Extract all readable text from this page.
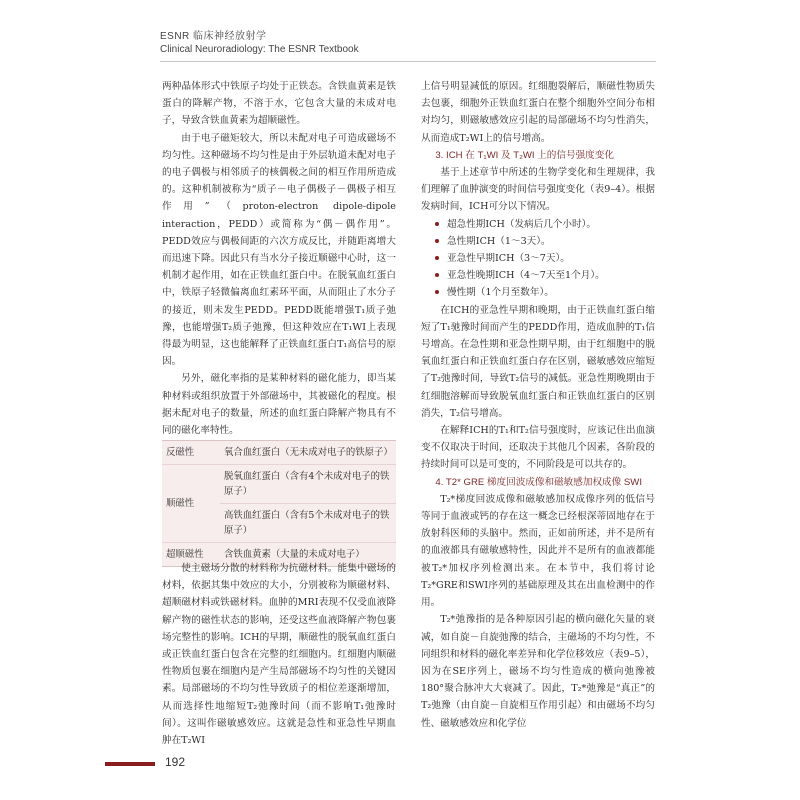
ESNR 临床神经放射学
Clinical Neuroradiology: The ESNR Textbook

两种晶体形式中铁原子均处于正铁态。含铁血黄素是铁蛋白的降解产物，不溶于水，它包含大量的未成对电子，导致含铁血黄素为超顺磁性。

由于电子磁矩较大，所以未配对电子可造成磁场不均匀性。这种磁场不均匀性是由于外层轨道未配对电子的电子偶极与相邻质子的核偶极之间的相互作用所造成的。这种机制被称为“质子－电子偶极子－偶极子相互作用”（proton-electron dipole-dipole interaction，PEDD）或简称为“偶－偶作用”。PEDD效应与偶极间距的六次方成反比，并随距离增大而迅速下降。因此只有当水分子接近顺磁中心时，这一机制才起作用，如在正铁血红蛋白中。在脱氧血红蛋白中，铁原子轻微偏离血红素环平面，从而阻止了水分子的接近，则未发生PEDD。PEDD既能增强T₁质子弛豫，也能增强T₂质子弛豫，但这种效应在T₁WI上表现得最为明显，这也能解释了正铁血红蛋白T₁高信号的原因。

另外，磁化率指的是某种材料的磁化能力，即当某种材料或组织放置于外部磁场中，其被磁化的程度。根据未配对电子的数量，所述的血红蛋白降解产物具有不同的磁化率特性。

反磁性	氧合血红蛋白（无未成对电子的铁原子）
顺磁性	脱氧血红蛋白（含有4个未成对电子的铁原子）
	高铁血红蛋白（含有5个未成对电子的铁原子）
超顺磁性	含铁血黄素（大量的未成对电子）

使主磁场分散的材料称为抗磁材料。能集中磁场的材料，依据其集中效应的大小，分别被称为顺磁材料、超顺磁材料或铁磁材料。血肿的MRI表现不仅受血液降解产物的磁性状态的影响，还受这些血液降解产物包裹场完整性的影响。ICH的早期，顺磁性的脱氧血红蛋白或正铁血红蛋白包含在完整的红细胞内。红细胞内顺磁性物质包裹在细胞内是产生局部磁场不均匀性的关键因素。局部磁场的不均匀性导致质子的相位差逐渐增加，从而选择性地缩短T₂弛豫时间（而不影响T₁弛豫时间）。这叫作磁敏感效应。这就是急性和亚急性早期血肿在T₂WI

上信号明显减低的原因。红细胞裂解后，顺磁性物质失去包裹，细胞外正铁血红蛋白在整个细胞外空间分布相对均匀，则磁敏感效应引起的局部磁场不均匀性消失，从而造成T₂WI上的信号增高。

3. ICH 在 T₁WI 及 T₂WI 上的信号强度变化

基于上述章节中所述的生物学变化和生理规律，我们理解了血肿演变的时间信号强度变化（表9–4）。根据发病时间，ICH可分以下情况。

超急性期ICH（发病后几个小时）。
急性期ICH（1～3天）。
亚急性早期ICH（3～7天）。
亚急性晚期ICH（4～7天至1个月）。
慢性期（1个月至数年）。

在ICH的亚急性早期和晚期，由于正铁血红蛋白缩短了T₁驰豫时间而产生的PEDD作用，造成血肿的T₁信号增高。在急性期和亚急性期早期，由于红细胞中的脱氧血红蛋白和正铁血红蛋白存在区别，磁敏感效应缩短了T₂弛豫时间，导致T₂信号的减低。亚急性期晚期由于红细胞溶解而导致脱氧血红蛋白和正铁血红蛋白的区别消失，T₂信号增高。

在解释ICH的T₁和T₂信号强度时，应该记住出血演变不仅取决于时间，还取决于其他几个因素，各阶段的持续时间可以是可变的，不同阶段是可以共存的。

4. T2* GRE 梯度回波成像和磁敏感加权成像 SWI

T₂*梯度回波成像和磁敏感加权成像序列的低信号等同于血液或钙的存在这一概念已经根深蒂固地存在于放射科医师的头脑中。然而，正如前所述，并不是所有的血液都具有磁敏感特性，因此并不是所有的血液都能被T₂*加权序列检测出来。在本节中，我们将讨论T₂*GRE和SWI序列的基础原理及其在出血检测中的作用。

T₂*弛豫指的是各种原因引起的横向磁化矢量的衰减，如自旋－自旋弛豫的结合，主磁场的不均匀性，不同组织和材料的磁化率差异和化学位移效应（表9–5），因为在SE序列上，磁场不均匀性造成的横向弛豫被180°聚合脉冲大大衰减了。因此，T₂*弛豫是“真正”的T₂弛豫（由自旋－自旋相互作用引起）和由磁场不均匀性、磁敏感效应和化学位

192
